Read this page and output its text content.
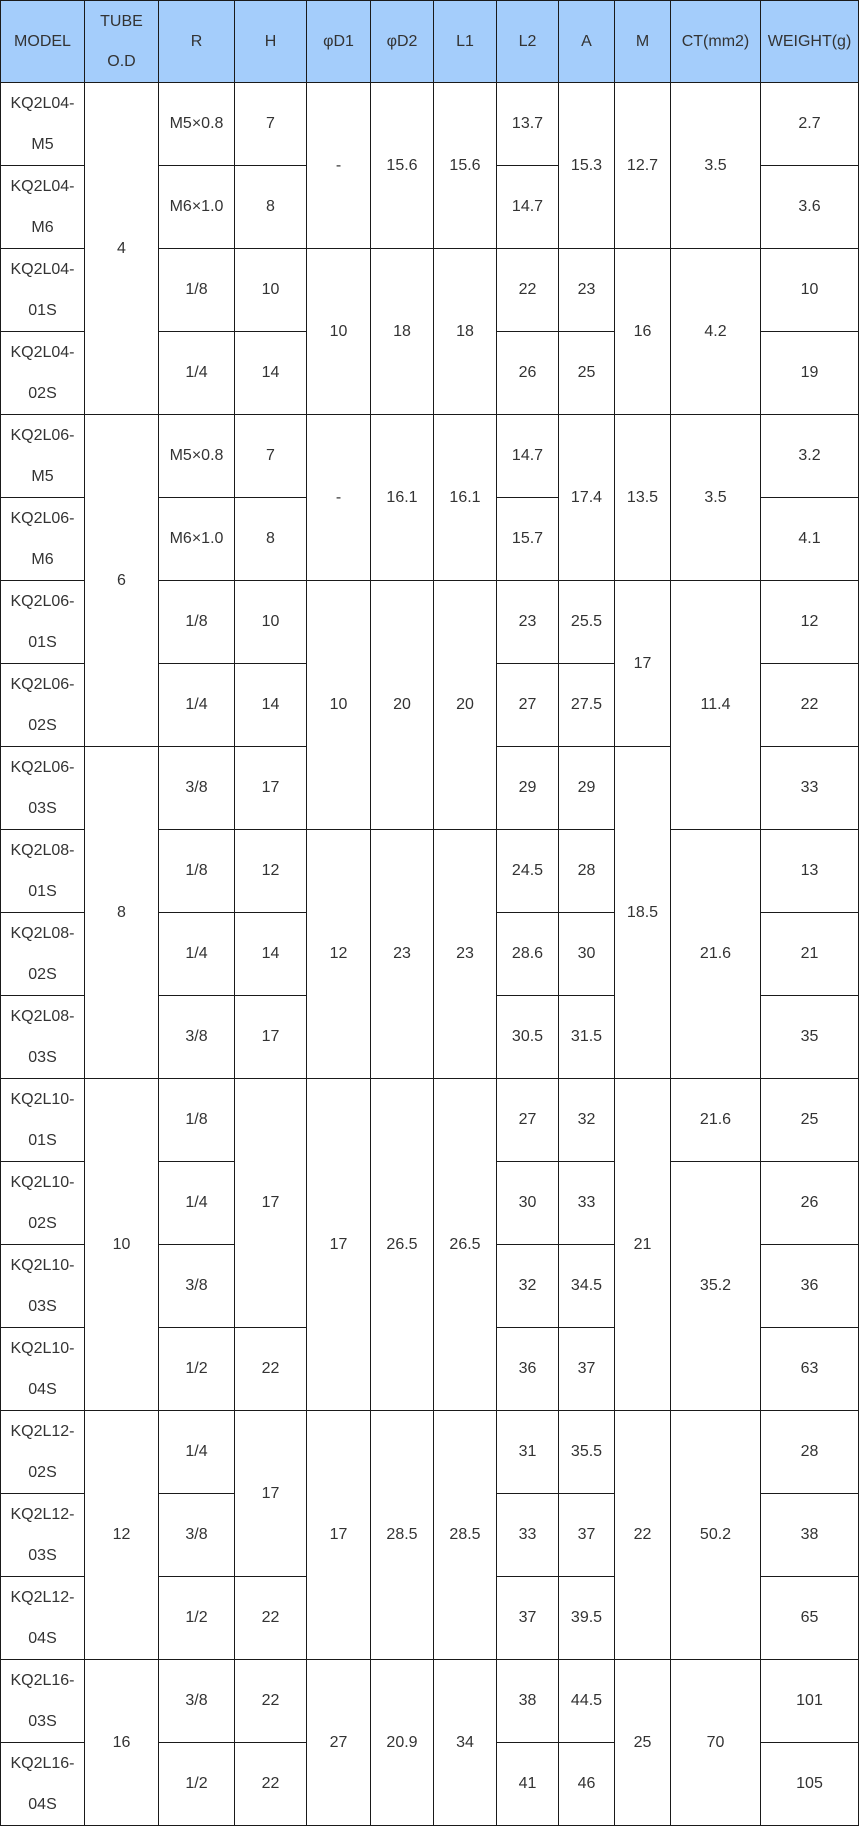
MODEL	TUBE
O.D	R	H	φD1	φD2	L1	L2	A	M	CT(mm2)	WEIGHT(g)

KQ2L04-
M5	4	M5×0.8	7	-	15.6	15.6	13.7	15.3	12.7	3.5	2.7

KQ2L04-
M6		M6×1.0	8				14.7				3.6

KQ2L04-
01S		1/8	10	10	18	18	22	23	16	4.2	10

KQ2L04-
02S		1/4	14				26	25			19

KQ2L06-
M5	6	M5×0.8	7	-	16.1	16.1	14.7	17.4	13.5	3.5	3.2

KQ2L06-
M6		M6×1.0	8				15.7				4.1

KQ2L06-
01S		1/8	10	10	20	20	23	25.5	17	11.4	12

KQ2L06-
02S		1/4	14				27	27.5			22

KQ2L06-
03S	8	3/8	17				29	29	18.5		33

KQ2L08-
01S		1/8	12	12	23	23	24.5	28		21.6	13

KQ2L08-
02S		1/4	14				28.6	30			21

KQ2L08-
03S		3/8	17				30.5	31.5			35

KQ2L10-
01S	10	1/8	17	17	26.5	26.5	27	32	21	21.6	25

KQ2L10-
02S		1/4					30	33		35.2	26

KQ2L10-
03S		3/8					32	34.5			36

KQ2L10-
04S		1/2	22				36	37			63

KQ2L12-
02S	12	1/4	17	17	28.5	28.5	31	35.5	22	50.2	28

KQ2L12-
03S		3/8					33	37			38

KQ2L12-
04S		1/2	22				37	39.5			65

KQ2L16-
03S	16	3/8	22	27	20.9	34	38	44.5	25	70	101

KQ2L16-
04S		1/2	22				41	46			105
